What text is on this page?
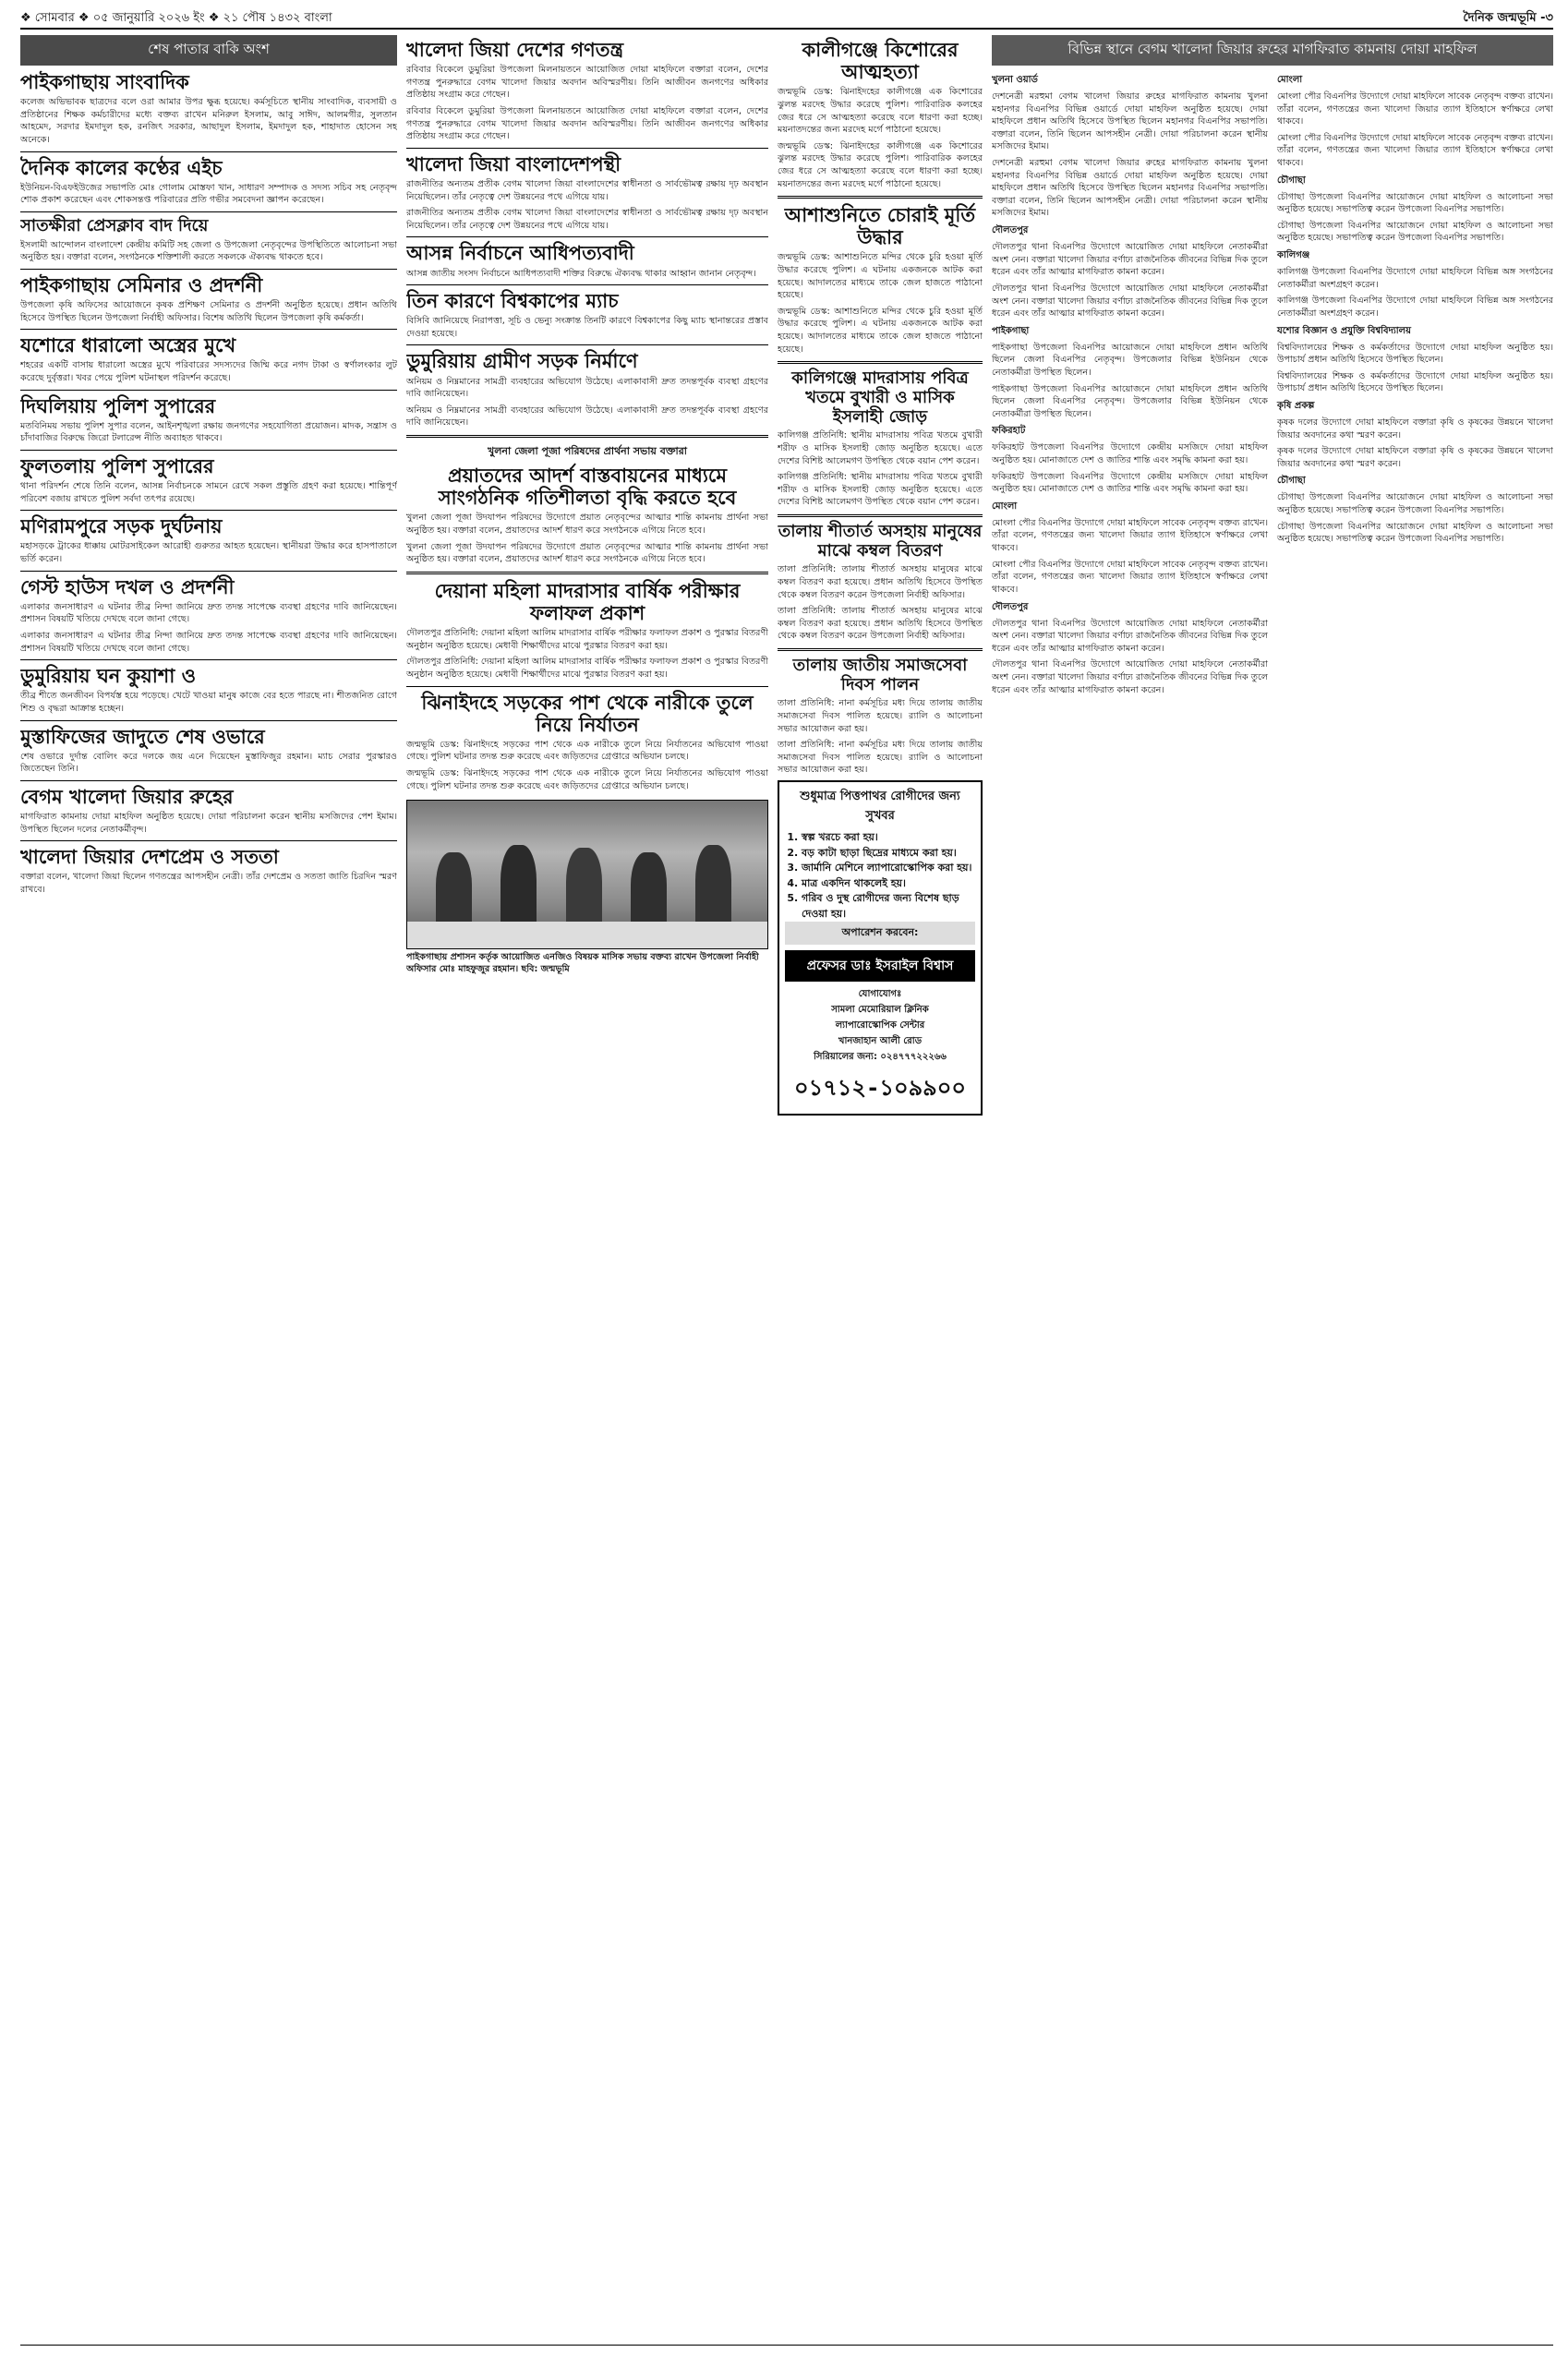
❖ সোমবার ❖ ০৫ জানুয়ারি ২০২৬ ইং ❖ ২১ পৌষ ১৪৩২ বাংলা	দৈনিক জন্মভূমি -৩
শেষ পাতার বাকি অংশ
পাইকগাছায় সাংবাদিক

কলেজ অভিভাবক ছাত্রদের বলে ওরা আমার উপর ক্ষুব্ধ হয়েছে। কর্মসূচিতে স্থানীয় সাংবাদিক, ব্যবসায়ী ও প্রতিষ্ঠানের শিক্ষক কর্মচারীদের মধ্যে বক্তব্য রাখেন মনিরুল ইসলাম, আবু সাঈদ, আলমগীর, সুলতান আহমেদ, সরদার ইমদাদুল হক, রনজিৎ সরকার, আছাদুল ইসলাম, ইমদাদুল হক, শাহাদাত হোসেন সহ অনেকে।

দৈনিক কালের কণ্ঠের এইচ

ইউনিয়ন-বিএফইউজের সভাপতি মোঃ গোলাম মোস্তফা খান, সাধারণ সম্পাদক ও সদস্য সচিব সহ নেতৃবৃন্দ শোক প্রকাশ করেছেন এবং শোকসন্তপ্ত পরিবারের প্রতি গভীর সমবেদনা জ্ঞাপন করেছেন।

সাতক্ষীরা প্রেসক্লাব বাদ দিয়ে

ইসলামী আন্দোলন বাংলাদেশ কেন্দ্রীয় কমিটি সহ জেলা ও উপজেলা নেতৃবৃন্দের উপস্থিতিতে আলোচনা সভা অনুষ্ঠিত হয়। বক্তারা বলেন, সংগঠনকে শক্তিশালী করতে সকলকে ঐক্যবদ্ধ থাকতে হবে।

পাইকগাছায় সেমিনার ও প্রদর্শনী

উপজেলা কৃষি অফিসের আয়োজনে কৃষক প্রশিক্ষণ সেমিনার ও প্রদর্শনী অনুষ্ঠিত হয়েছে। প্রধান অতিথি হিসেবে উপস্থিত ছিলেন উপজেলা নির্বাহী অফিসার। বিশেষ অতিথি ছিলেন উপজেলা কৃষি কর্মকর্তা।

যশোরে ধারালো অস্ত্রের মুখে

শহরের একটি বাসায় ধারালো অস্ত্রের মুখে পরিবারের সদস্যদের জিম্মি করে নগদ টাকা ও স্বর্ণালংকার লুট করেছে দুর্বৃত্তরা। খবর পেয়ে পুলিশ ঘটনাস্থল পরিদর্শন করেছে।

দিঘলিয়ায় পুলিশ সুপারের

মতবিনিময় সভায় পুলিশ সুপার বলেন, আইনশৃঙ্খলা রক্ষায় জনগণের সহযোগিতা প্রয়োজন। মাদক, সন্ত্রাস ও চাঁদাবাজির বিরুদ্ধে জিরো টলারেন্স নীতি অব্যাহত থাকবে।

ফুলতলায় পুলিশ সুপারের

থানা পরিদর্শন শেষে তিনি বলেন, আসন্ন নির্বাচনকে সামনে রেখে সকল প্রস্তুতি গ্রহণ করা হয়েছে। শান্তিপূর্ণ পরিবেশ বজায় রাখতে পুলিশ সর্বদা তৎপর রয়েছে।

মণিরামপুরে সড়ক দুর্ঘটনায়

মহাসড়কে ট্রাকের ধাক্কায় মোটরসাইকেল আরোহী গুরুতর আহত হয়েছেন। স্থানীয়রা উদ্ধার করে হাসপাতালে ভর্তি করেন।

গেস্ট হাউস দখল ও প্রদর্শনী

এলাকার জনসাধারণ এ ঘটনার তীব্র নিন্দা জানিয়ে দ্রুত তদন্ত সাপেক্ষে ব্যবস্থা গ্রহণের দাবি জানিয়েছেন। প্রশাসন বিষয়টি খতিয়ে দেখছে বলে জানা গেছে।

এলাকার জনসাধারণ এ ঘটনার তীব্র নিন্দা জানিয়ে দ্রুত তদন্ত সাপেক্ষে ব্যবস্থা গ্রহণের দাবি জানিয়েছেন। প্রশাসন বিষয়টি খতিয়ে দেখছে বলে জানা গেছে।

ডুমুরিয়ায় ঘন কুয়াশা ও

তীব্র শীতে জনজীবন বিপর্যস্ত হয়ে পড়েছে। খেটে খাওয়া মানুষ কাজে বের হতে পারছে না। শীতজনিত রোগে শিশু ও বৃদ্ধরা আক্রান্ত হচ্ছেন।

মুস্তাফিজের জাদুতে শেষ ওভারে

শেষ ওভারে দুর্দান্ত বোলিং করে দলকে জয় এনে দিয়েছেন মুস্তাফিজুর রহমান। ম্যাচ সেরার পুরস্কারও জিতেছেন তিনি।

বেগম খালেদা জিয়ার রুহের

মাগফিরাত কামনায় দোয়া মাহফিল অনুষ্ঠিত হয়েছে। দোয়া পরিচালনা করেন স্থানীয় মসজিদের পেশ ইমাম। উপস্থিত ছিলেন দলের নেতাকর্মীবৃন্দ।

খালেদা জিয়ার দেশপ্রেম ও সততা

বক্তারা বলেন, খালেদা জিয়া ছিলেন গণতন্ত্রের আপসহীন নেত্রী। তাঁর দেশপ্রেম ও সততা জাতি চিরদিন স্মরণ রাখবে।

খালেদা জিয়া দেশের গণতন্ত্র

রবিবার বিকেলে ডুমুরিয়া উপজেলা মিলনায়তনে আয়োজিত দোয়া মাহফিলে বক্তারা বলেন, দেশের গণতন্ত্র পুনরুদ্ধারে বেগম খালেদা জিয়ার অবদান অবিস্মরণীয়। তিনি আজীবন জনগণের অধিকার প্রতিষ্ঠায় সংগ্রাম করে গেছেন।

রবিবার বিকেলে ডুমুরিয়া উপজেলা মিলনায়তনে আয়োজিত দোয়া মাহফিলে বক্তারা বলেন, দেশের গণতন্ত্র পুনরুদ্ধারে বেগম খালেদা জিয়ার অবদান অবিস্মরণীয়। তিনি আজীবন জনগণের অধিকার প্রতিষ্ঠায় সংগ্রাম করে গেছেন।

খালেদা জিয়া বাংলাদেশপন্থী

রাজনীতির অন্যতম প্রতীক বেগম খালেদা জিয়া বাংলাদেশের স্বাধীনতা ও সার্বভৌমত্ব রক্ষায় দৃঢ় অবস্থান নিয়েছিলেন। তাঁর নেতৃত্বে দেশ উন্নয়নের পথে এগিয়ে যায়।

রাজনীতির অন্যতম প্রতীক বেগম খালেদা জিয়া বাংলাদেশের স্বাধীনতা ও সার্বভৌমত্ব রক্ষায় দৃঢ় অবস্থান নিয়েছিলেন। তাঁর নেতৃত্বে দেশ উন্নয়নের পথে এগিয়ে যায়।

আসন্ন নির্বাচনে আধিপত্যবাদী

আসন্ন জাতীয় সংসদ নির্বাচনে আধিপত্যবাদী শক্তির বিরুদ্ধে ঐক্যবদ্ধ থাকার আহ্বান জানান নেতৃবৃন্দ।

তিন কারণে বিশ্বকাপের ম্যাচ

বিসিবি জানিয়েছে নিরাপত্তা, সূচি ও ভেন্যু সংক্রান্ত তিনটি কারণে বিশ্বকাপের কিছু ম্যাচ স্থানান্তরের প্রস্তাব দেওয়া হয়েছে।

ডুমুরিয়ায় গ্রামীণ সড়ক নির্মাণে

অনিয়ম ও নিম্নমানের সামগ্রী ব্যবহারের অভিযোগ উঠেছে। এলাকাবাসী দ্রুত তদন্তপূর্বক ব্যবস্থা গ্রহণের দাবি জানিয়েছেন।

অনিয়ম ও নিম্নমানের সামগ্রী ব্যবহারের অভিযোগ উঠেছে। এলাকাবাসী দ্রুত তদন্তপূর্বক ব্যবস্থা গ্রহণের দাবি জানিয়েছেন।

খুলনা জেলা পূজা পরিষদের প্রার্থনা সভায় বক্তারা
প্রয়াতদের আদর্শ বাস্তবায়নের মাধ্যমে সাংগঠনিক গতিশীলতা বৃদ্ধি করতে হবে

খুলনা জেলা পূজা উদযাপন পরিষদের উদ্যোগে প্রয়াত নেতৃবৃন্দের আত্মার শান্তি কামনায় প্রার্থনা সভা অনুষ্ঠিত হয়। বক্তারা বলেন, প্রয়াতদের আদর্শ ধারণ করে সংগঠনকে এগিয়ে নিতে হবে।

খুলনা জেলা পূজা উদযাপন পরিষদের উদ্যোগে প্রয়াত নেতৃবৃন্দের আত্মার শান্তি কামনায় প্রার্থনা সভা অনুষ্ঠিত হয়। বক্তারা বলেন, প্রয়াতদের আদর্শ ধারণ করে সংগঠনকে এগিয়ে নিতে হবে।

দেয়ানা মহিলা মাদরাসার বার্ষিক পরীক্ষার ফলাফল প্রকাশ

দৌলতপুর প্রতিনিধি: দেয়ানা মহিলা আলিম মাদরাসার বার্ষিক পরীক্ষার ফলাফল প্রকাশ ও পুরস্কার বিতরণী অনুষ্ঠান অনুষ্ঠিত হয়েছে। মেধাবী শিক্ষার্থীদের মাঝে পুরস্কার বিতরণ করা হয়।

দৌলতপুর প্রতিনিধি: দেয়ানা মহিলা আলিম মাদরাসার বার্ষিক পরীক্ষার ফলাফল প্রকাশ ও পুরস্কার বিতরণী অনুষ্ঠান অনুষ্ঠিত হয়েছে। মেধাবী শিক্ষার্থীদের মাঝে পুরস্কার বিতরণ করা হয়।

ঝিনাইদহে সড়কের পাশ থেকে নারীকে তুলে নিয়ে নির্যাতন

জন্মভূমি ডেস্ক: ঝিনাইদহে সড়কের পাশ থেকে এক নারীকে তুলে নিয়ে নির্যাতনের অভিযোগ পাওয়া গেছে। পুলিশ ঘটনার তদন্ত শুরু করেছে এবং জড়িতদের গ্রেপ্তারে অভিযান চলছে।

জন্মভূমি ডেস্ক: ঝিনাইদহে সড়কের পাশ থেকে এক নারীকে তুলে নিয়ে নির্যাতনের অভিযোগ পাওয়া গেছে। পুলিশ ঘটনার তদন্ত শুরু করেছে এবং জড়িতদের গ্রেপ্তারে অভিযান চলছে।

পাইকগাছায় প্রশাসন কর্তৃক আয়োজিত এনজিও বিষয়ক মাসিক সভায় বক্তব্য রাখেন উপজেলা নির্বাহী অফিসার মোঃ মাহফুজুর রহমান। ছবি: জন্মভূমি
কালীগঞ্জে কিশোরের আত্মহত্যা

জন্মভূমি ডেস্ক: ঝিনাইদহের কালীগঞ্জে এক কিশোরের ঝুলন্ত মরদেহ উদ্ধার করেছে পুলিশ। পারিবারিক কলহের জের ধরে সে আত্মহত্যা করেছে বলে ধারণা করা হচ্ছে। ময়নাতদন্তের জন্য মরদেহ মর্গে পাঠানো হয়েছে।

জন্মভূমি ডেস্ক: ঝিনাইদহের কালীগঞ্জে এক কিশোরের ঝুলন্ত মরদেহ উদ্ধার করেছে পুলিশ। পারিবারিক কলহের জের ধরে সে আত্মহত্যা করেছে বলে ধারণা করা হচ্ছে। ময়নাতদন্তের জন্য মরদেহ মর্গে পাঠানো হয়েছে।

আশাশুনিতে চোরাই মূর্তি উদ্ধার

জন্মভূমি ডেস্ক: আশাশুনিতে মন্দির থেকে চুরি হওয়া মূর্তি উদ্ধার করেছে পুলিশ। এ ঘটনায় একজনকে আটক করা হয়েছে। আদালতের মাধ্যমে তাকে জেল হাজতে পাঠানো হয়েছে।

জন্মভূমি ডেস্ক: আশাশুনিতে মন্দির থেকে চুরি হওয়া মূর্তি উদ্ধার করেছে পুলিশ। এ ঘটনায় একজনকে আটক করা হয়েছে। আদালতের মাধ্যমে তাকে জেল হাজতে পাঠানো হয়েছে।

কালিগঞ্জে মাদরাসায় পবিত্র খতমে বুখারী ও মাসিক ইসলাহী জোড়

কালিগঞ্জ প্রতিনিধি: স্থানীয় মাদরাসায় পবিত্র খতমে বুখারী শরীফ ও মাসিক ইসলাহী জোড় অনুষ্ঠিত হয়েছে। এতে দেশের বিশিষ্ট আলেমগণ উপস্থিত থেকে বয়ান পেশ করেন।

কালিগঞ্জ প্রতিনিধি: স্থানীয় মাদরাসায় পবিত্র খতমে বুখারী শরীফ ও মাসিক ইসলাহী জোড় অনুষ্ঠিত হয়েছে। এতে দেশের বিশিষ্ট আলেমগণ উপস্থিত থেকে বয়ান পেশ করেন।

তালায় শীতার্ত অসহায় মানুষের মাঝে কম্বল বিতরণ

তালা প্রতিনিধি: তালায় শীতার্ত অসহায় মানুষের মাঝে কম্বল বিতরণ করা হয়েছে। প্রধান অতিথি হিসেবে উপস্থিত থেকে কম্বল বিতরণ করেন উপজেলা নির্বাহী অফিসার।

তালা প্রতিনিধি: তালায় শীতার্ত অসহায় মানুষের মাঝে কম্বল বিতরণ করা হয়েছে। প্রধান অতিথি হিসেবে উপস্থিত থেকে কম্বল বিতরণ করেন উপজেলা নির্বাহী অফিসার।

তালায় জাতীয় সমাজসেবা দিবস পালন

তালা প্রতিনিধি: নানা কর্মসূচির মধ্য দিয়ে তালায় জাতীয় সমাজসেবা দিবস পালিত হয়েছে। র‍্যালি ও আলোচনা সভার আয়োজন করা হয়।

তালা প্রতিনিধি: নানা কর্মসূচির মধ্য দিয়ে তালায় জাতীয় সমাজসেবা দিবস পালিত হয়েছে। র‍্যালি ও আলোচনা সভার আয়োজন করা হয়।

শুধুমাত্র পিত্তপাথর রোগীদের জন্য সুখবর
1. স্বল্প খরচে করা হয়।
2. বড় কাটা ছাড়া ছিদ্রের মাধ্যমে করা হয়।
3. জার্মানি মেশিনে ল্যাপারোস্কোপিক করা হয়।
4. মাত্র একদিন থাকলেই হয়।
5. গরিব ও দুস্থ রোগীদের জন্য বিশেষ ছাড় দেওয়া হয়।
অপারেশন করবেন:
প্রফেসর ডাঃ ইসরাইল বিশ্বাস
যোগাযোগঃ
সামলা মেমোরিয়াল ক্লিনিক
ল্যাপারোস্কোপিক সেন্টার
খানজাহান আলী রোড
সিরিয়ালের জন্য: ০২৪৭৭৭২২২৬৬
০১৭১২-১০৯৯০০
বিভিন্ন স্থানে বেগম খালেদা জিয়ার রুহের মাগফিরাত কামনায় দোয়া মাহফিল
খুলনা ওয়ার্ড

দেশনেত্রী মরহুমা বেগম খালেদা জিয়ার রুহের মাগফিরাত কামনায় খুলনা মহানগর বিএনপির বিভিন্ন ওয়ার্ডে দোয়া মাহফিল অনুষ্ঠিত হয়েছে। দোয়া মাহফিলে প্রধান অতিথি হিসেবে উপস্থিত ছিলেন মহানগর বিএনপির সভাপতি। বক্তারা বলেন, তিনি ছিলেন আপসহীন নেত্রী। দোয়া পরিচালনা করেন স্থানীয় মসজিদের ইমাম।

দেশনেত্রী মরহুমা বেগম খালেদা জিয়ার রুহের মাগফিরাত কামনায় খুলনা মহানগর বিএনপির বিভিন্ন ওয়ার্ডে দোয়া মাহফিল অনুষ্ঠিত হয়েছে। দোয়া মাহফিলে প্রধান অতিথি হিসেবে উপস্থিত ছিলেন মহানগর বিএনপির সভাপতি। বক্তারা বলেন, তিনি ছিলেন আপসহীন নেত্রী। দোয়া পরিচালনা করেন স্থানীয় মসজিদের ইমাম।

দৌলতপুর

দৌলতপুর থানা বিএনপির উদ্যোগে আয়োজিত দোয়া মাহফিলে নেতাকর্মীরা অংশ নেন। বক্তারা খালেদা জিয়ার বর্ণাঢ্য রাজনৈতিক জীবনের বিভিন্ন দিক তুলে ধরেন এবং তাঁর আত্মার মাগফিরাত কামনা করেন।

দৌলতপুর থানা বিএনপির উদ্যোগে আয়োজিত দোয়া মাহফিলে নেতাকর্মীরা অংশ নেন। বক্তারা খালেদা জিয়ার বর্ণাঢ্য রাজনৈতিক জীবনের বিভিন্ন দিক তুলে ধরেন এবং তাঁর আত্মার মাগফিরাত কামনা করেন।

পাইকগাছা

পাইকগাছা উপজেলা বিএনপির আয়োজনে দোয়া মাহফিলে প্রধান অতিথি ছিলেন জেলা বিএনপির নেতৃবৃন্দ। উপজেলার বিভিন্ন ইউনিয়ন থেকে নেতাকর্মীরা উপস্থিত ছিলেন।

পাইকগাছা উপজেলা বিএনপির আয়োজনে দোয়া মাহফিলে প্রধান অতিথি ছিলেন জেলা বিএনপির নেতৃবৃন্দ। উপজেলার বিভিন্ন ইউনিয়ন থেকে নেতাকর্মীরা উপস্থিত ছিলেন।

ফকিরহাট

ফকিরহাট উপজেলা বিএনপির উদ্যোগে কেন্দ্রীয় মসজিদে দোয়া মাহফিল অনুষ্ঠিত হয়। মোনাজাতে দেশ ও জাতির শান্তি এবং সমৃদ্ধি কামনা করা হয়।

ফকিরহাট উপজেলা বিএনপির উদ্যোগে কেন্দ্রীয় মসজিদে দোয়া মাহফিল অনুষ্ঠিত হয়। মোনাজাতে দেশ ও জাতির শান্তি এবং সমৃদ্ধি কামনা করা হয়।

মোংলা

মোংলা পৌর বিএনপির উদ্যোগে দোয়া মাহফিলে সাবেক নেতৃবৃন্দ বক্তব্য রাখেন। তাঁরা বলেন, গণতন্ত্রের জন্য খালেদা জিয়ার ত্যাগ ইতিহাসে স্বর্ণাক্ষরে লেখা থাকবে।

মোংলা পৌর বিএনপির উদ্যোগে দোয়া মাহফিলে সাবেক নেতৃবৃন্দ বক্তব্য রাখেন। তাঁরা বলেন, গণতন্ত্রের জন্য খালেদা জিয়ার ত্যাগ ইতিহাসে স্বর্ণাক্ষরে লেখা থাকবে।

দৌলতপুর

দৌলতপুর থানা বিএনপির উদ্যোগে আয়োজিত দোয়া মাহফিলে নেতাকর্মীরা অংশ নেন। বক্তারা খালেদা জিয়ার বর্ণাঢ্য রাজনৈতিক জীবনের বিভিন্ন দিক তুলে ধরেন এবং তাঁর আত্মার মাগফিরাত কামনা করেন।

দৌলতপুর থানা বিএনপির উদ্যোগে আয়োজিত দোয়া মাহফিলে নেতাকর্মীরা অংশ নেন। বক্তারা খালেদা জিয়ার বর্ণাঢ্য রাজনৈতিক জীবনের বিভিন্ন দিক তুলে ধরেন এবং তাঁর আত্মার মাগফিরাত কামনা করেন।

মোংলা

মোংলা পৌর বিএনপির উদ্যোগে দোয়া মাহফিলে সাবেক নেতৃবৃন্দ বক্তব্য রাখেন। তাঁরা বলেন, গণতন্ত্রের জন্য খালেদা জিয়ার ত্যাগ ইতিহাসে স্বর্ণাক্ষরে লেখা থাকবে।

মোংলা পৌর বিএনপির উদ্যোগে দোয়া মাহফিলে সাবেক নেতৃবৃন্দ বক্তব্য রাখেন। তাঁরা বলেন, গণতন্ত্রের জন্য খালেদা জিয়ার ত্যাগ ইতিহাসে স্বর্ণাক্ষরে লেখা থাকবে।

চৌগাছা

চৌগাছা উপজেলা বিএনপির আয়োজনে দোয়া মাহফিল ও আলোচনা সভা অনুষ্ঠিত হয়েছে। সভাপতিত্ব করেন উপজেলা বিএনপির সভাপতি।

চৌগাছা উপজেলা বিএনপির আয়োজনে দোয়া মাহফিল ও আলোচনা সভা অনুষ্ঠিত হয়েছে। সভাপতিত্ব করেন উপজেলা বিএনপির সভাপতি।

কালিগঞ্জ

কালিগঞ্জ উপজেলা বিএনপির উদ্যোগে দোয়া মাহফিলে বিভিন্ন অঙ্গ সংগঠনের নেতাকর্মীরা অংশগ্রহণ করেন।

কালিগঞ্জ উপজেলা বিএনপির উদ্যোগে দোয়া মাহফিলে বিভিন্ন অঙ্গ সংগঠনের নেতাকর্মীরা অংশগ্রহণ করেন।

যশোর বিজ্ঞান ও প্রযুক্তি বিশ্ববিদ্যালয়

বিশ্ববিদ্যালয়ের শিক্ষক ও কর্মকর্তাদের উদ্যোগে দোয়া মাহফিল অনুষ্ঠিত হয়। উপাচার্য প্রধান অতিথি হিসেবে উপস্থিত ছিলেন।

বিশ্ববিদ্যালয়ের শিক্ষক ও কর্মকর্তাদের উদ্যোগে দোয়া মাহফিল অনুষ্ঠিত হয়। উপাচার্য প্রধান অতিথি হিসেবে উপস্থিত ছিলেন।

কৃষি প্রকল্প

কৃষক দলের উদ্যোগে দোয়া মাহফিলে বক্তারা কৃষি ও কৃষকের উন্নয়নে খালেদা জিয়ার অবদানের কথা স্মরণ করেন।

কৃষক দলের উদ্যোগে দোয়া মাহফিলে বক্তারা কৃষি ও কৃষকের উন্নয়নে খালেদা জিয়ার অবদানের কথা স্মরণ করেন।

চৌগাছা

চৌগাছা উপজেলা বিএনপির আয়োজনে দোয়া মাহফিল ও আলোচনা সভা অনুষ্ঠিত হয়েছে। সভাপতিত্ব করেন উপজেলা বিএনপির সভাপতি।

চৌগাছা উপজেলা বিএনপির আয়োজনে দোয়া মাহফিল ও আলোচনা সভা অনুষ্ঠিত হয়েছে। সভাপতিত্ব করেন উপজেলা বিএনপির সভাপতি।
